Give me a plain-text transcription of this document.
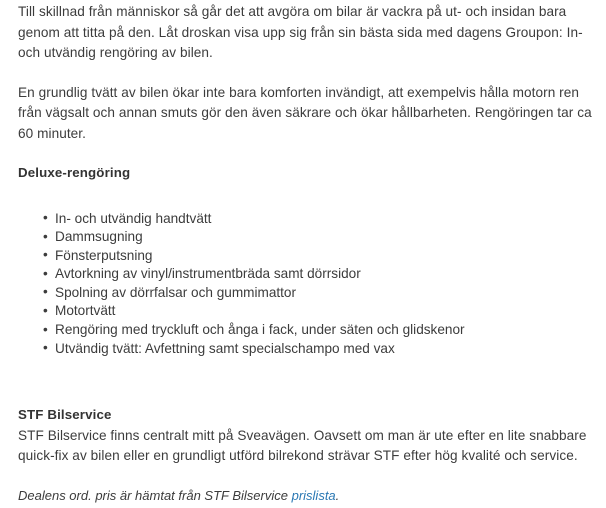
Till skillnad från människor så går det att avgöra om bilar är vackra på ut- och insidan bara genom att titta på den. Låt droskan visa upp sig från sin bästa sida med dagens Groupon: In- och utvändig rengöring av bilen.

En grundlig tvätt av bilen ökar inte bara komforten invändigt, att exempelvis hålla motorn ren från vägsalt och annan smuts gör den även säkrare och ökar hållbarheten. Rengöringen tar ca 60 minuter.

Deluxe-rengöring

• In- och utvändig handtvätt
• Dammsugning
• Fönsterputsning
• Avtorkning av vinyl/instrumentbräda samt dörrsidor
• Spolning av dörrfalsar och gummimattor
• Motortvätt
• Rengöring med tryckluft och ånga i fack, under säten och glidskenor
• Utvändig tvätt: Avfettning samt specialschampo med vax

STF Bilservice

STF Bilservice finns centralt mitt på Sveavägen. Oavsett om man är ute efter en lite snabbare quick-fix av bilen eller en grundligt utförd bilrekond strävar STF efter hög kvalité och service.

Dealens ord. pris är hämtat från STF Bilservice prislista.
